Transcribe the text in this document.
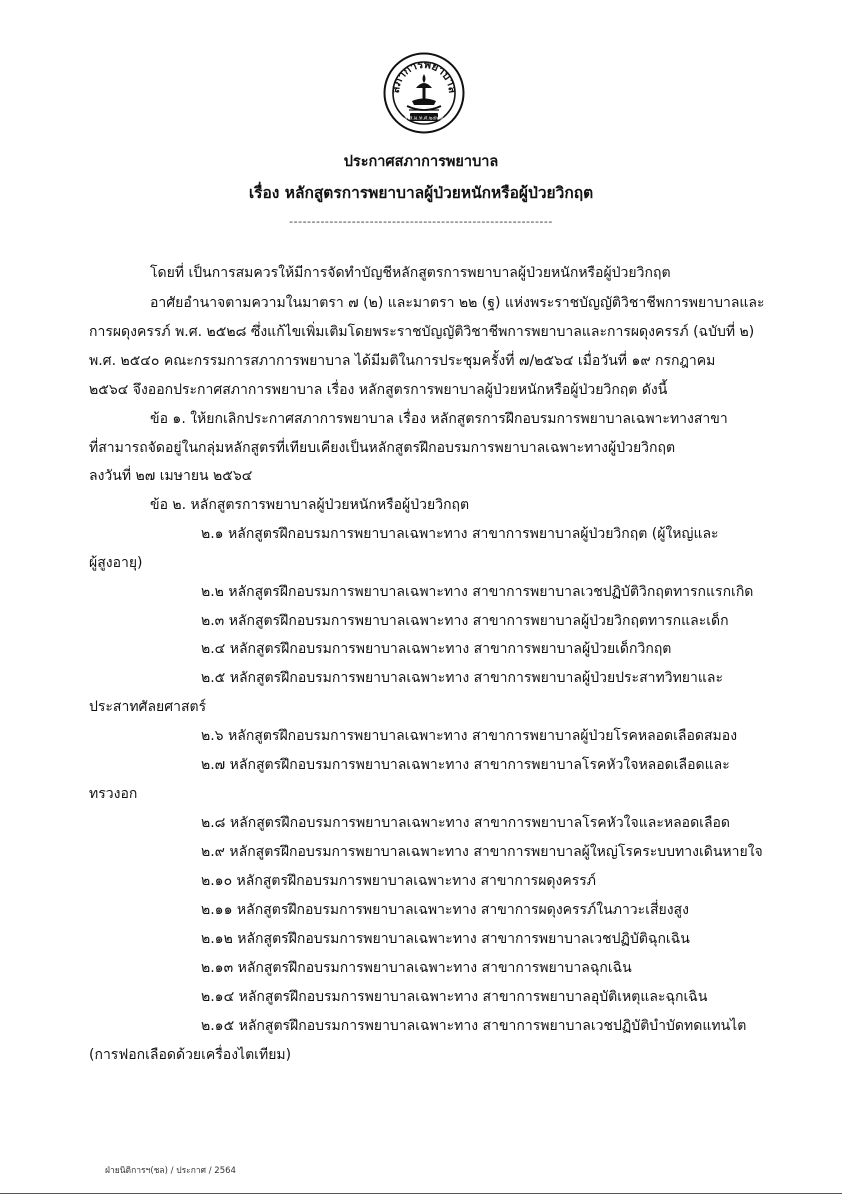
สภาการพยาบาล
ส.ส.ม.ท.ศ.๒๕๒๘
ประกาศสภาการพยาบาล
เรื่อง หลักสูตรการพยาบาลผู้ป่วยหนักหรือผู้ป่วยวิกฤต
-----------------------------------------------------------
โดยที่ เป็นการสมควรให้มีการจัดทำบัญชีหลักสูตรการพยาบาลผู้ป่วยหนักหรือผู้ป่วยวิกฤต
อาศัยอำนาจตามความในมาตรา ๗ (๒) และมาตรา ๒๒ (ฐ) แห่งพระราชบัญญัติวิชาชีพการพยาบาลและ
การผดุงครรภ์ พ.ศ. ๒๕๒๘ ซึ่งแก้ไขเพิ่มเติมโดยพระราชบัญญัติวิชาชีพการพยาบาลและการผดุงครรภ์ (ฉบับที่ ๒)
พ.ศ. ๒๕๔๐ คณะกรรมการสภาการพยาบาล ได้มีมติในการประชุมครั้งที่ ๗/๒๕๖๔ เมื่อวันที่ ๑๙ กรกฎาคม
๒๕๖๔ จึงออกประกาศสภาการพยาบาล เรื่อง หลักสูตรการพยาบาลผู้ป่วยหนักหรือผู้ป่วยวิกฤต ดังนี้
ข้อ ๑. ให้ยกเลิกประกาศสภาการพยาบาล เรื่อง หลักสูตรการฝึกอบรมการพยาบาลเฉพาะทางสาขา
ที่สามารถจัดอยู่ในกลุ่มหลักสูตรที่เทียบเคียงเป็นหลักสูตรฝึกอบรมการพยาบาลเฉพาะทางผู้ป่วยวิกฤต
ลงวันที่ ๒๗ เมษายน ๒๕๖๔
ข้อ ๒. หลักสูตรการพยาบาลผู้ป่วยหนักหรือผู้ป่วยวิกฤต
๒.๑ หลักสูตรฝึกอบรมการพยาบาลเฉพาะทาง สาขาการพยาบาลผู้ป่วยวิกฤต (ผู้ใหญ่และ
ผู้สูงอายุ)
๒.๒ หลักสูตรฝึกอบรมการพยาบาลเฉพาะทาง สาขาการพยาบาลเวชปฏิบัติวิกฤตทารกแรกเกิด
๒.๓ หลักสูตรฝึกอบรมการพยาบาลเฉพาะทาง สาขาการพยาบาลผู้ป่วยวิกฤตทารกและเด็ก
๒.๔ หลักสูตรฝึกอบรมการพยาบาลเฉพาะทาง สาขาการพยาบาลผู้ป่วยเด็กวิกฤต
๒.๕ หลักสูตรฝึกอบรมการพยาบาลเฉพาะทาง สาขาการพยาบาลผู้ป่วยประสาทวิทยาและ
ประสาทศัลยศาสตร์
๒.๖ หลักสูตรฝึกอบรมการพยาบาลเฉพาะทาง สาขาการพยาบาลผู้ป่วยโรคหลอดเลือดสมอง
๒.๗ หลักสูตรฝึกอบรมการพยาบาลเฉพาะทาง สาขาการพยาบาลโรคหัวใจหลอดเลือดและ
ทรวงอก
๒.๘ หลักสูตรฝึกอบรมการพยาบาลเฉพาะทาง สาขาการพยาบาลโรคหัวใจและหลอดเลือด
๒.๙ หลักสูตรฝึกอบรมการพยาบาลเฉพาะทาง สาขาการพยาบาลผู้ใหญ่โรคระบบทางเดินหายใจ
๒.๑๐ หลักสูตรฝึกอบรมการพยาบาลเฉพาะทาง สาขาการผดุงครรภ์
๒.๑๑ หลักสูตรฝึกอบรมการพยาบาลเฉพาะทาง สาขาการผดุงครรภ์ในภาวะเสี่ยงสูง
๒.๑๒ หลักสูตรฝึกอบรมการพยาบาลเฉพาะทาง สาขาการพยาบาลเวชปฏิบัติฉุกเฉิน
๒.๑๓ หลักสูตรฝึกอบรมการพยาบาลเฉพาะทาง สาขาการพยาบาลฉุกเฉิน
๒.๑๔ หลักสูตรฝึกอบรมการพยาบาลเฉพาะทาง สาขาการพยาบาลอุบัติเหตุและฉุกเฉิน
๒.๑๕ หลักสูตรฝึกอบรมการพยาบาลเฉพาะทาง สาขาการพยาบาลเวชปฏิบัติบำบัดทดแทนไต
(การฟอกเลือดด้วยเครื่องไตเทียม)
ฝ่ายนิติการฯ(ชล) / ประกาศ / 2564
